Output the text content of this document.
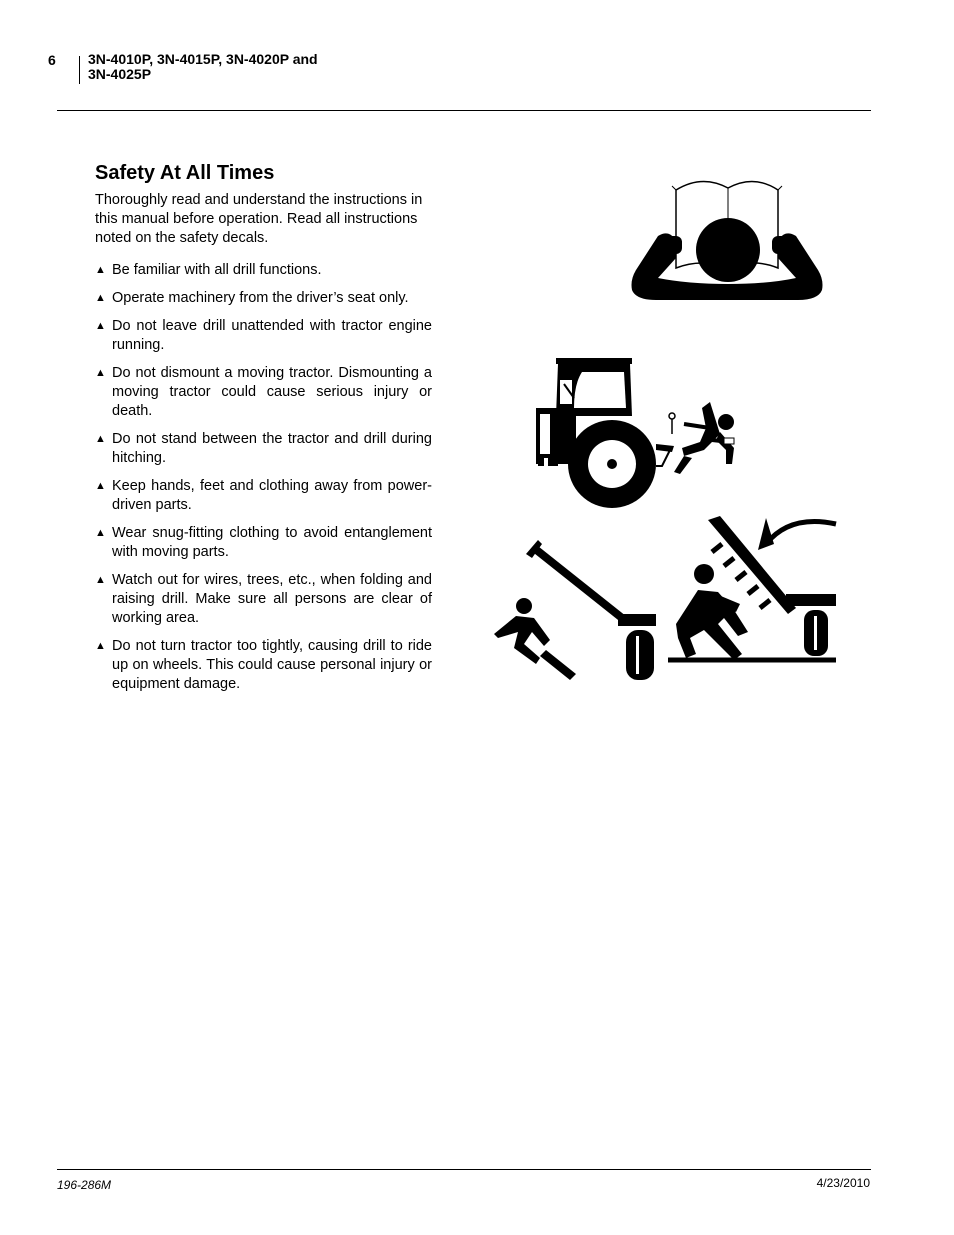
6 3N-4010P, 3N-4015P, 3N-4020P and
3N-4025P
Safety At All Times

Thoroughly read and understand the instructions in this manual before operation. Read all instructions noted on the safety decals.

▲ Be familiar with all drill functions.
▲ Operate machinery from the driver’s seat only.
▲ Do not leave drill unattended with tractor engine running.
▲ Do not dismount a moving tractor. Dismounting a moving tractor could cause serious injury or death.
▲ Do not stand between the tractor and drill during hitching.
▲ Keep hands, feet and clothing away from power-driven parts.
▲ Wear snug-fitting clothing to avoid entanglement with moving parts.
▲ Watch out for wires, trees, etc., when folding and raising drill. Make sure all persons are clear of working area.
▲ Do not turn tractor too tightly, causing drill to ride up on wheels. This could cause personal injury or equipment damage.
196-286M	4/23/2010
